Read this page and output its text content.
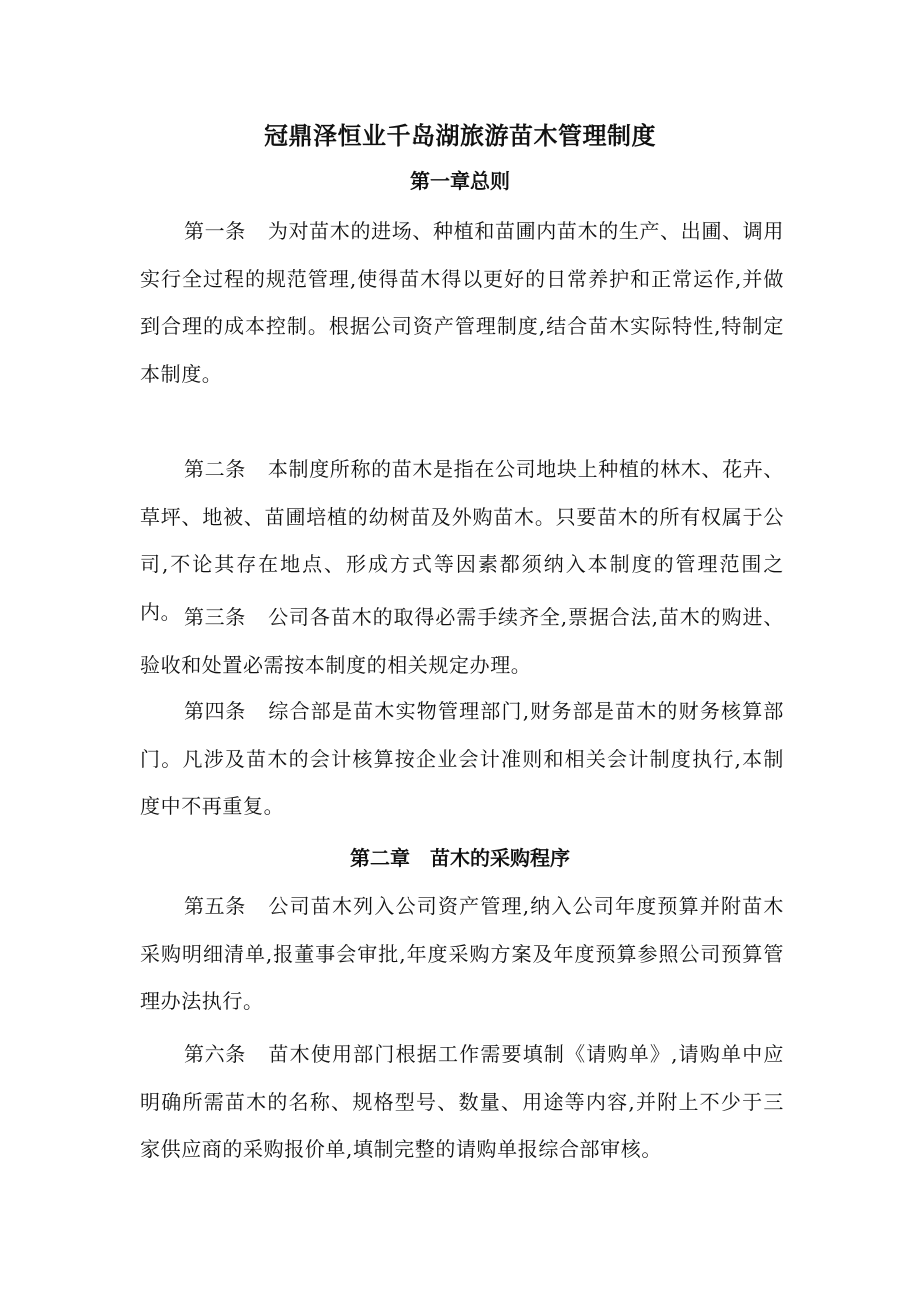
冠鼎泽恒业千岛湖旅游苗木管理制度
第一章总则

第一条 为对苗木的进场、种植和苗圃内苗木的生产、出圃、调用实行全过程的规范管理,使得苗木得以更好的日常养护和正常运作,并做到合理的成本控制。根据公司资产管理制度,结合苗木实际特性,特制定本制度。

第二条 本制度所称的苗木是指在公司地块上种植的林木、花卉、草坪、地被、苗圃培植的幼树苗及外购苗木。只要苗木的所有权属于公司,不论其存在地点、形成方式等因素都须纳入本制度的管理范围之内。 第三条 公司各苗木的取得必需手续齐全,票据合法,苗木的购进、验收和处置必需按本制度的相关规定办理。

第四条 综合部是苗木实物管理部门,财务部是苗木的财务核算部门。凡涉及苗木的会计核算按企业会计准则和相关会计制度执行,本制度中不再重复。

第二章　苗木的采购程序

第五条 公司苗木列入公司资产管理,纳入公司年度预算并附苗木采购明细清单,报董事会审批,年度采购方案及年度预算参照公司预算管理办法执行。

第六条 苗木使用部门根据工作需要填制《请购单》,请购单中应明确所需苗木的名称、规格型号、数量、用途等内容,并附上不少于三家供应商的采购报价单,填制完整的请购单报综合部审核。
